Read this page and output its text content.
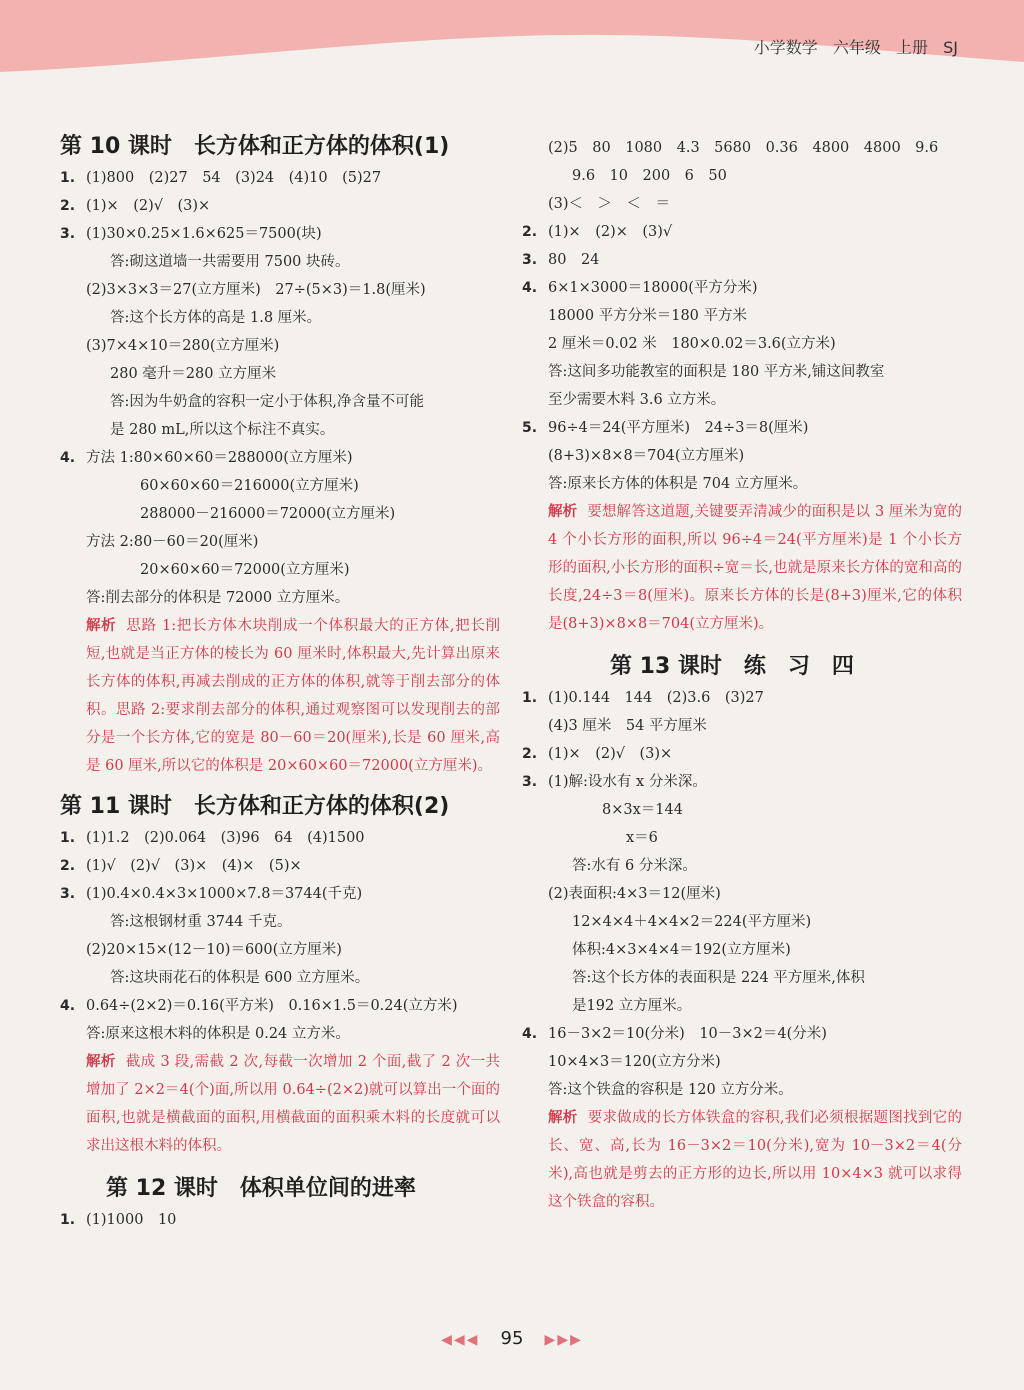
小学数学 六年级 上册 SJ
第 10 课时　长方体和正方体的体积(1)
1. (1)800　(2)27　54　(3)24　(4)10　(5)27
2. (1)×　(2)√　(3)×
3. (1)30×0.25×1.6×625＝7500(块)
答:砌这道墙一共需要用 7500 块砖。
(2)3×3×3＝27(立方厘米)　27÷(5×3)＝1.8(厘米)
答:这个长方体的高是 1.8 厘米。
(3)7×4×10＝280(立方厘米)
280 毫升＝280 立方厘米
答:因为牛奶盒的容积一定小于体积,净含量不可能
是 280 mL,所以这个标注不真实。
4. 方法 1:80×60×60＝288000(立方厘米)
60×60×60＝216000(立方厘米)
288000－216000＝72000(立方厘米)
方法 2:80－60＝20(厘米)
20×60×60＝72000(立方厘米)
答:削去部分的体积是 72000 立方厘米。
解析 思路 1:把长方体木块削成一个体积最大的正方体,把长削短,也就是当正方体的棱长为 60 厘米时,体积最大,先计算出原来长方体的体积,再减去削成的正方体的体积,就等于削去部分的体积。思路 2:要求削去部分的体积,通过观察图可以发现削去的部分是一个长方体,它的宽是 80－60＝20(厘米),长是 60 厘米,高是 60 厘米,所以它的体积是 20×60×60＝72000(立方厘米)。
第 11 课时　长方体和正方体的体积(2)
1. (1)1.2　(2)0.064　(3)96　64　(4)1500
2. (1)√　(2)√　(3)×　(4)×　(5)×
3. (1)0.4×0.4×3×1000×7.8＝3744(千克)
答:这根钢材重 3744 千克。
(2)20×15×(12－10)＝600(立方厘米)
答:这块雨花石的体积是 600 立方厘米。
4. 0.64÷(2×2)＝0.16(平方米)　0.16×1.5＝0.24(立方米)
答:原来这根木料的体积是 0.24 立方米。
解析 截成 3 段,需截 2 次,每截一次增加 2 个面,截了 2 次一共增加了 2×2＝4(个)面,所以用 0.64÷(2×2)就可以算出一个面的面积,也就是横截面的面积,用横截面的面积乘木料的长度就可以求出这根木料的体积。
第 12 课时　体积单位间的进率
1. (1)1000　10
(2)5　80　1080　4.3　5680　0.36　4800　4800　9.6
9.6　10　200　6　50
(3)＜　＞　＜　＝
2. (1)×　(2)×　(3)√
3. 80　24
4. 6×1×3000＝18000(平方分米)
18000 平方分米＝180 平方米
2 厘米＝0.02 米　180×0.02＝3.6(立方米)
答:这间多功能教室的面积是 180 平方米,铺这间教室
至少需要木料 3.6 立方米。
5. 96÷4＝24(平方厘米)　24÷3＝8(厘米)
(8+3)×8×8＝704(立方厘米)
答:原来长方体的体积是 704 立方厘米。
解析 要想解答这道题,关键要弄清减少的面积是以 3 厘米为宽的 4 个小长方形的面积,所以 96÷4＝24(平方厘米)是 1 个小长方形的面积,小长方形的面积÷宽＝长,也就是原来长方体的宽和高的长度,24÷3＝8(厘米)。原来长方体的长是(8+3)厘米,它的体积是(8+3)×8×8＝704(立方厘米)。
第 13 课时　练　习　四
1. (1)0.144　144　(2)3.6　(3)27
(4)3 厘米　54 平方厘米
2. (1)×　(2)√　(3)×
3. (1)解:设水有 x 分米深。
8×3x＝144
x＝6
答:水有 6 分米深。
(2)表面积:4×3＝12(厘米)
12×4×4＋4×4×2＝224(平方厘米)
体积:4×3×4×4＝192(立方厘米)
答:这个长方体的表面积是 224 平方厘米,体积
是192 立方厘米。
4. 16－3×2＝10(分米)　10－3×2＝4(分米)
10×4×3＝120(立方分米)
答:这个铁盒的容积是 120 立方分米。
解析 要求做成的长方体铁盒的容积,我们必须根据题图找到它的长、宽、高,长为 16－3×2＝10(分米),宽为 10－3×2＝4(分米),高也就是剪去的正方形的边长,所以用 10×4×3 就可以求得这个铁盒的容积。
◀◀◀ 95 ▶▶▶
